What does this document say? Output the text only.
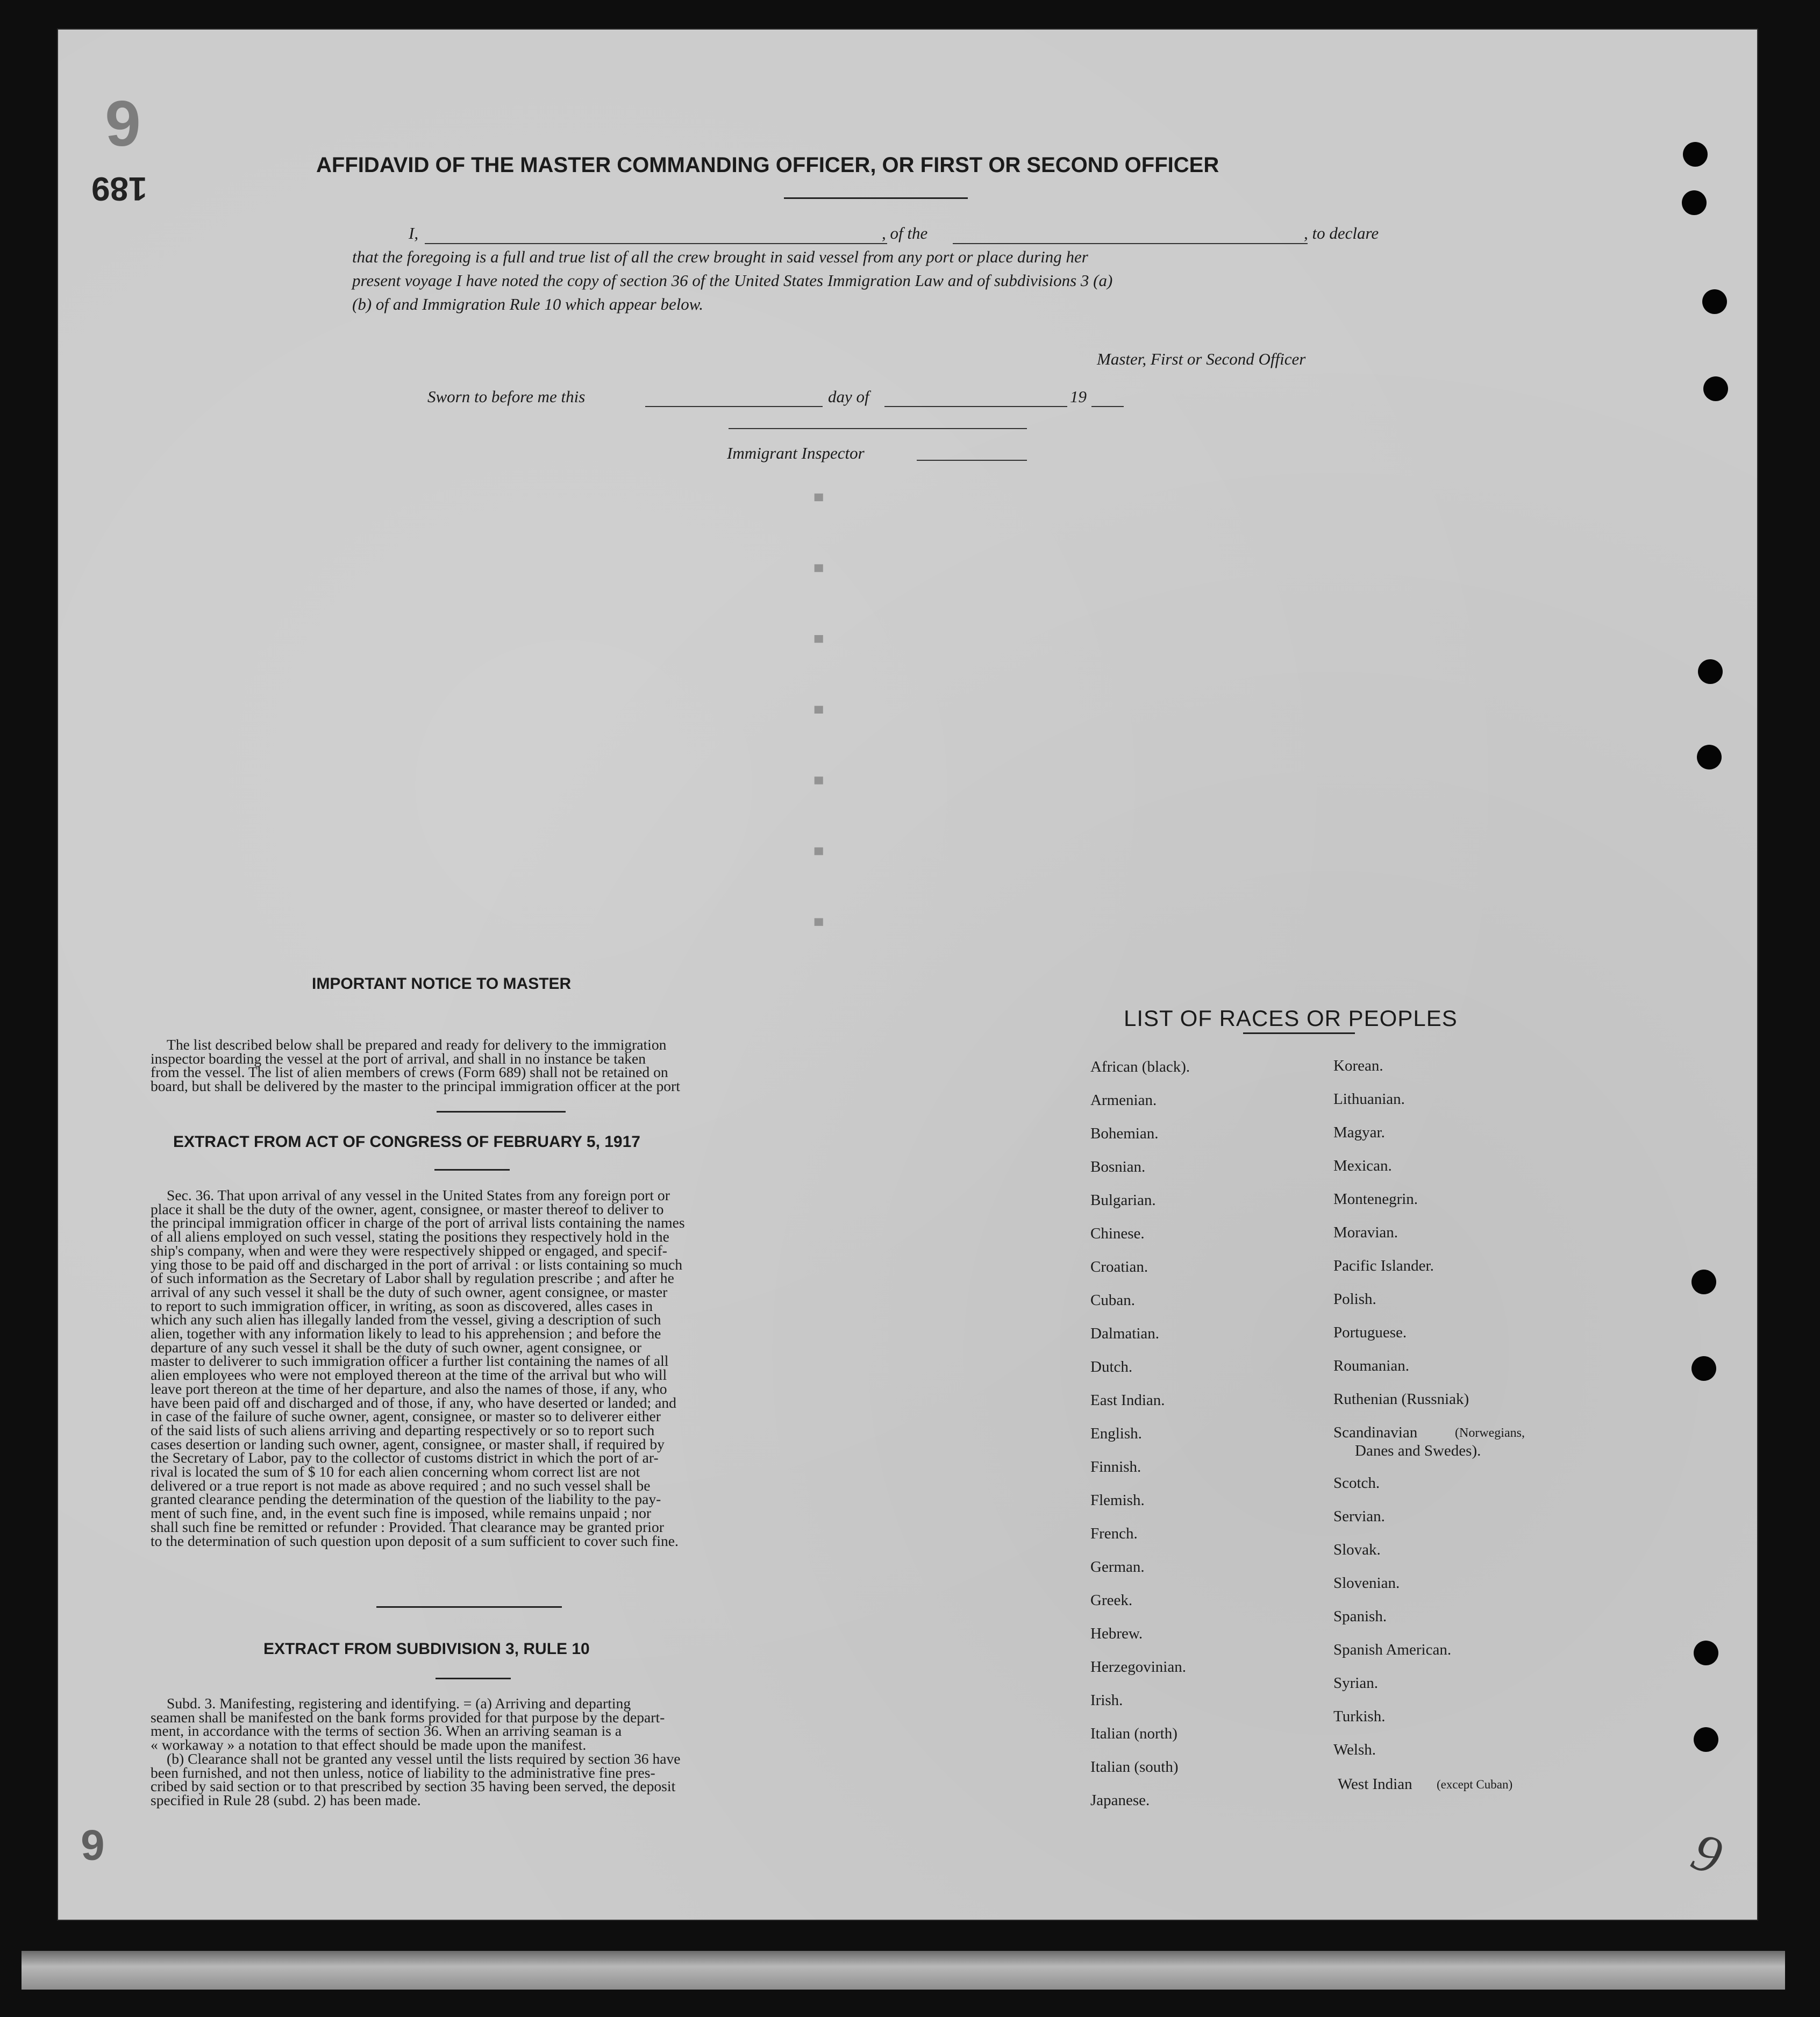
· · · · · · ·
6
189
6	9
AFFIDAVID OF THE MASTER COMMANDING OFFICER, OR FIRST OR SECOND OFFICER
I,	, of the	, to declare
that the foregoing is a full and true list of all the crew brought in said vessel from any port or place during her
present voyage I have noted the copy of section 36 of the United States Immigration Law and of subdivisions 3 (a)
(b) of and Immigration Rule 10 which appear below.
Master, First or Second Officer
Sworn to before me this	day of	19
Immigrant Inspector
IMPORTANT NOTICE TO MASTER
The list described below shall be prepared and ready for delivery to the immigration
inspector boarding the vessel at the port of arrival, and shall in no instance be taken
from the vessel. The list of alien members of crews (Form 689) shall not be retained on
board, but shall be delivered by the master to the principal immigration officer at the port
EXTRACT FROM ACT OF CONGRESS OF FEBRUARY 5, 1917
Sec. 36. That upon arrival of any vessel in the United States from any foreign port or
place it shall be the duty of the owner, agent, consignee, or master thereof to deliver to
the principal immigration officer in charge of the port of arrival lists containing the names
of all aliens employed on such vessel, stating the positions they respectively hold in the
ship's company, when and were they were respectively shipped or engaged, and specif-
ying those to be paid off and discharged in the port of arrival : or lists containing so much
of such information as the Secretary of Labor shall by regulation prescribe ; and after he
arrival of any such vessel it shall be the duty of such owner, agent consignee, or master
to report to such immigration officer, in writing, as soon as discovered, alles cases in
which any such alien has illegally landed from the vessel, giving a description of such
alien, together with any information likely to lead to his apprehension ; and before the
departure of any such vessel it shall be the duty of such owner, agent consignee, or
master to deliverer to such immigration officer a further list containing the names of all
alien employees who were not employed thereon at the time of the arrival but who will
leave port thereon at the time of her departure, and also the names of those, if any, who
have been paid off and discharged and of those, if any, who have deserted or landed; and
in case of the failure of suche owner, agent, consignee, or master so to deliverer either
of the said lists of such aliens arriving and departing respectively or so to report such
cases desertion or landing such owner, agent, consignee, or master shall, if required by
the Secretary of Labor, pay to the collector of customs district in which the port of ar-
rival is located the sum of $ 10 for each alien concerning whom correct list are not
delivered or a true report is not made as above required ; and no such vessel shall be
granted clearance pending the determination of the question of the liability to the pay-
ment of such fine, and, in the event such fine is imposed, while remains unpaid ; nor
shall such fine be remitted or refunder : Provided. That clearance may be granted prior
to the determination of such question upon deposit of a sum sufficient to cover such fine.
EXTRACT FROM SUBDIVISION 3, RULE 10
Subd. 3. Manifesting, registering and identifying. = (a) Arriving and departing
seamen shall be manifested on the bank forms provided for that purpose by the depart-
ment, in accordance with the terms of section 36. When an arriving seaman is a
« workaway » a notation to that effect should be made upon the manifest.
(b) Clearance shall not be granted any vessel until the lists required by section 36 have
been furnished, and not then unless, notice of liability to the administrative fine pres-
cribed by said section or to that prescribed by section 35 having been served, the deposit
specified in Rule 28 (subd. 2) has been made.
LIST OF RACES OR PEOPLES
African (black).
Armenian.
Bohemian.
Bosnian.
Bulgarian.
Chinese.
Croatian.
Cuban.
Dalmatian.
Dutch.
East Indian.
English.
Finnish.
Flemish.
French.
German.
Greek.
Hebrew.
Herzegovinian.
Irish.
Italian (north)
Italian (south)
Japanese.
Korean.
Lithuanian.
Magyar.
Mexican.
Montenegrin.
Moravian.
Pacific Islander.
Polish.
Portuguese.
Roumanian.
Ruthenian (Russniak)
Scandinavian	(Norwegians,
Danes and Swedes).
Scotch.
Servian.
Slovak.
Slovenian.
Spanish.
Spanish American.
Syrian.
Turkish.
Welsh.
West Indian (except Cuban)
